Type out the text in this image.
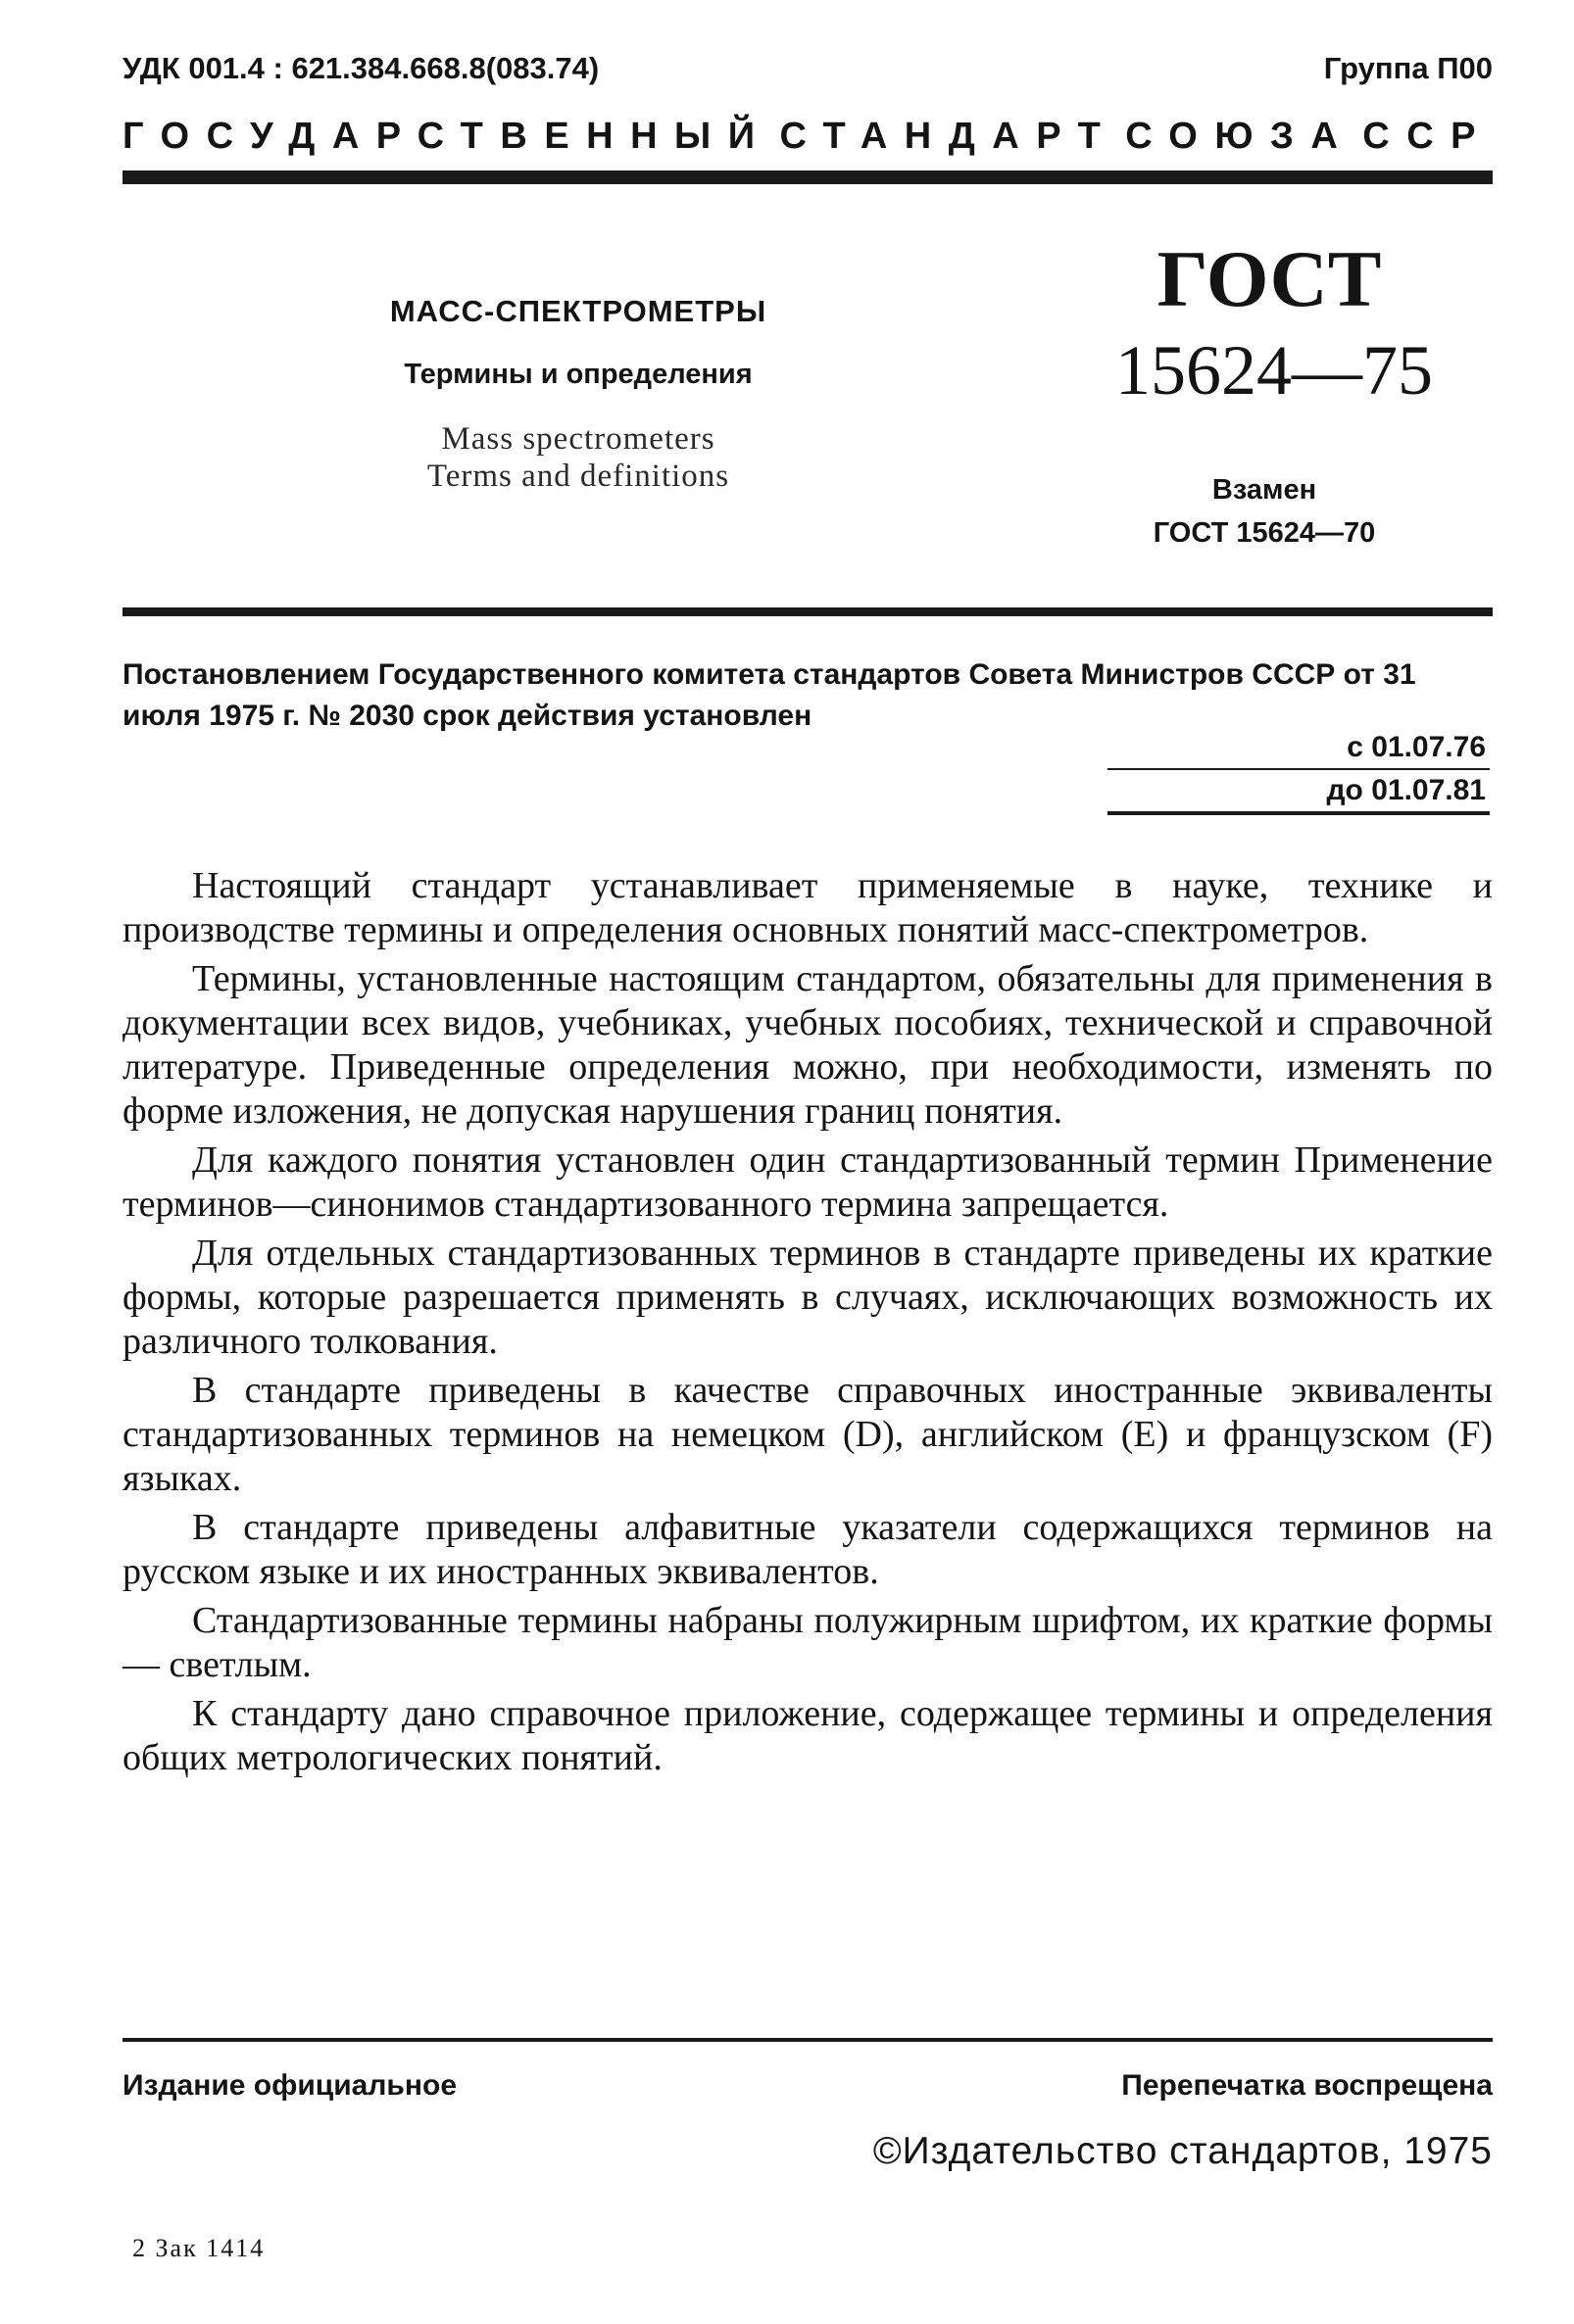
УДК 001.4 : 621.384.668.8(083.74)	Группа П00
ГОСУДАРСТВЕННЫЙ СТАНДАРТ СОЮЗА ССР
МАСС-СПЕКТРОМЕТРЫ
Термины и определения
Mass spectrometers
Terms and definitions
ГОСТ
15624—75
Взамен
ГОСТ 15624—70
Постановлением Государственного комитета стандартов Совета Министров СССР от 31 июля 1975 г. № 2030 срок действия установлен
с 01.07.76
до 01.07.81

Настоящий стандарт устанавливает применяемые в науке, технике и производстве термины и определения основных понятий масс-спектрометров.

Термины, установленные настоящим стандартом, обязательны для применения в документации всех видов, учебниках, учебных пособиях, технической и справочной литературе. Приведенные определения можно, при необходимости, изменять по форме изложения, не допуская нарушения границ понятия.

Для каждого понятия установлен один стандартизованный термин Применение терминов—синонимов стандартизованного термина запрещается.

Для отдельных стандартизованных терминов в стандарте приведены их краткие формы, которые разрешается применять в случаях, исключающих возможность их различного толкования.

В стандарте приведены в качестве справочных иностранные эквиваленты стандартизованных терминов на немецком (D), английском (E) и французском (F) языках.

В стандарте приведены алфавитные указатели содержащихся терминов на русском языке и их иностранных эквивалентов.

Стандартизованные термины набраны полужирным шрифтом, их краткие формы — светлым.

К стандарту дано справочное приложение, содержащее термины и определения общих метрологических понятий.

Издание официальное	Перепечатка воспрещена
©Издательство стандартов, 1975
2 Зак 1414
